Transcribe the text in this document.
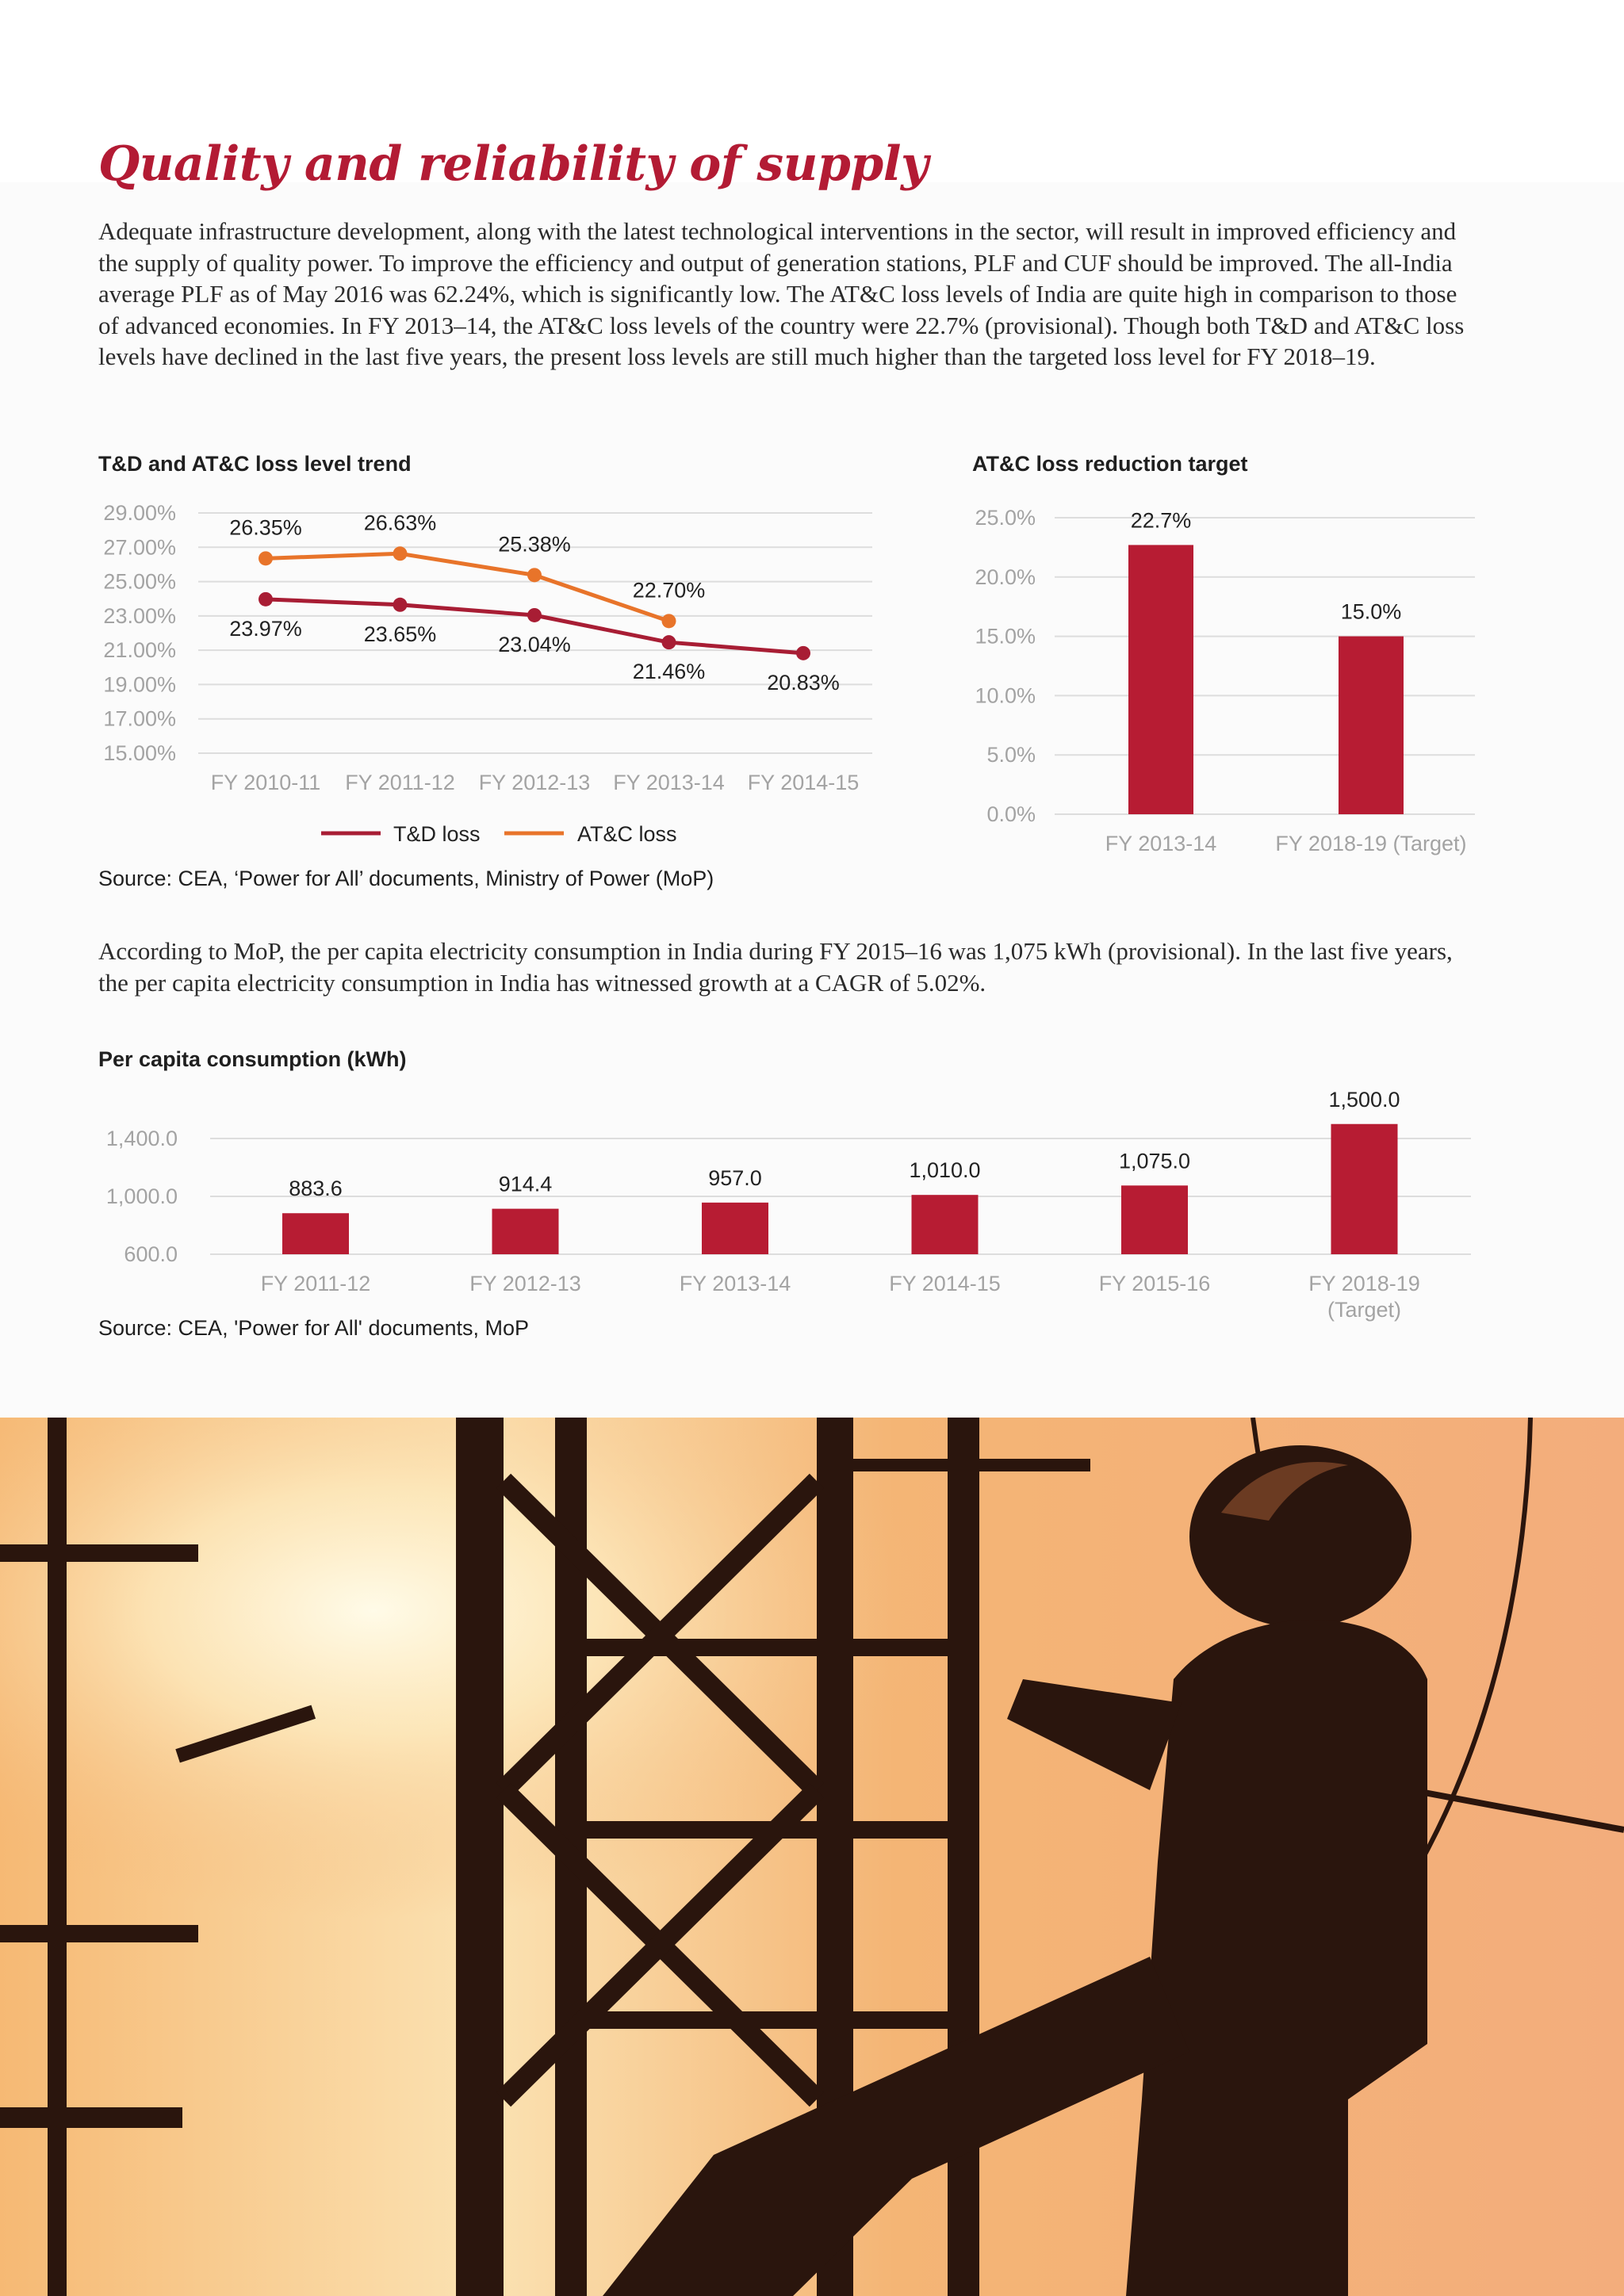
Quality and reliability of supply

Adequate infrastructure development, along with the latest technological interventions in the sector, will result in improved efficiency and the supply of quality power. To improve the efficiency and output of generation stations, PLF and CUF should be improved. The all-India average PLF as of May 2016 was 62.24%, which is significantly low. The AT&C loss levels of India are quite high in comparison to those of advanced economies. In FY 2013–14, the AT&C loss levels of the country were 22.7% (provisional). Though both T&D and AT&C loss levels have declined in the last five years, the present loss levels are still much higher than the targeted loss level for FY 2018–19.

T&D and AT&C loss level trend
29.00%
27.00%
25.00%
23.00%
21.00%
19.00%
17.00%
15.00%
FY 2010-11 FY 2011-12 FY 2012-13 FY 2013-14 FY 2014-15
23.97%	23.65%	23.04%
21.46%	20.83%
26.35%	26.63%
25.38%
22.70%
T&D loss	AT&C loss

Source: CEA, ‘Power for All’ documents, Ministry of Power (MoP)

AT&C loss reduction target
25.0%
20.0%
15.0%
10.0%
5.0%
0.0%
22.7%
FY 2013-14
15.0%
FY 2018-19 (Target)

According to MoP, the per capita electricity consumption in India during FY 2015–16 was 1,075 kWh (provisional). In the last five years, the per capita electricity consumption in India has witnessed growth at a CAGR of 5.02%.

Per capita consumption (kWh)
1,400.0
1,000.0
600.0
883.6
FY 2011-12
914.4
FY 2012-13
957.0
FY 2013-14
1,010.0
FY 2014-15
1,075.0
FY 2015-16
1,500.0
FY 2018-19
(Target)

Source: CEA, 'Power for All' documents, MoP
